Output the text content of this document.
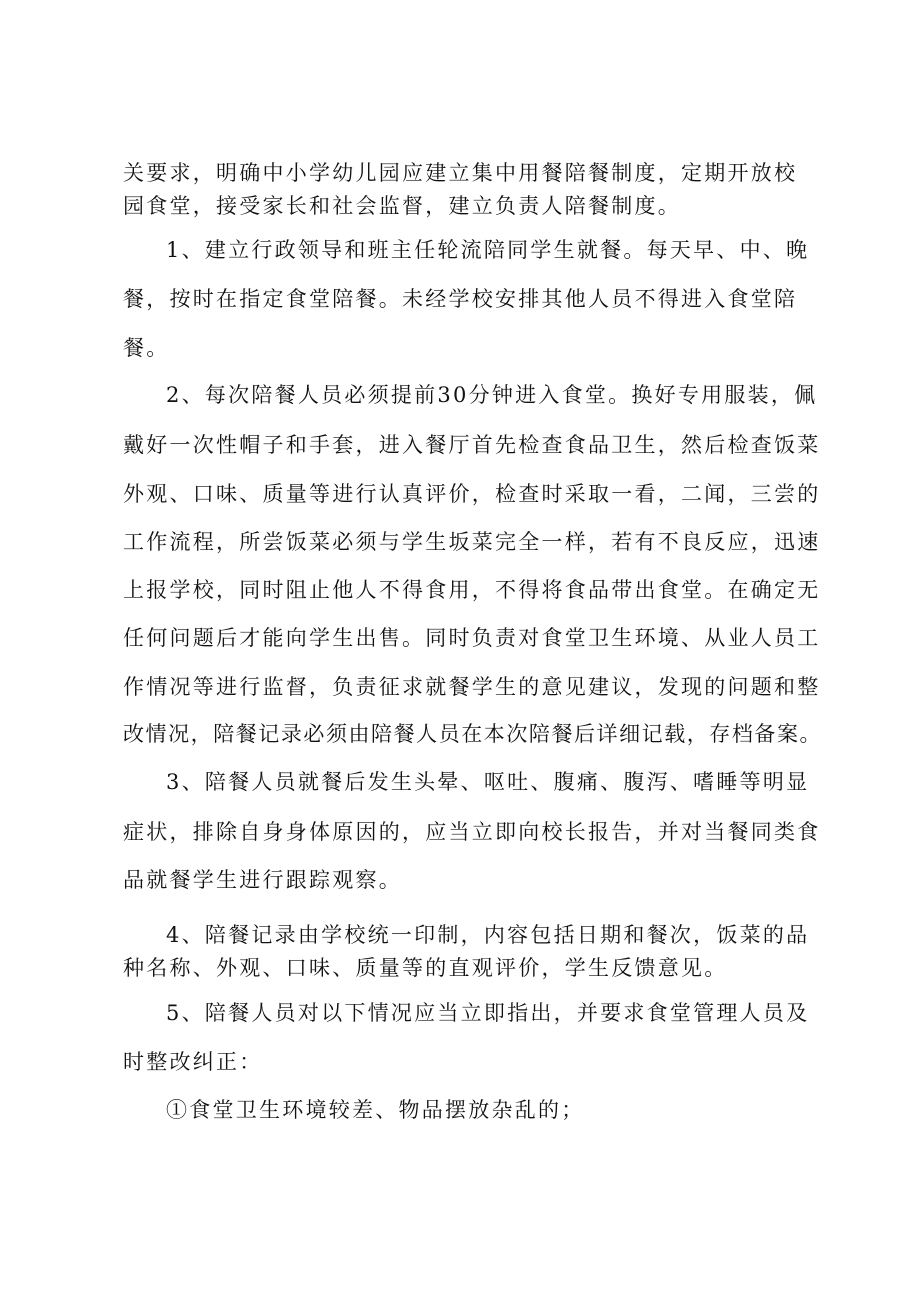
关要求，明确中小学幼儿园应建立集中用餐陪餐制度，定期开放校
园食堂，接受家长和社会监督，建立负责人陪餐制度。
1、建立行政领导和班主任轮流陪同学生就餐。每天早、中、晚
餐，按时在指定食堂陪餐。未经学校安排其他人员不得进入食堂陪
餐。
2、每次陪餐人员必须提前30分钟进入食堂。换好专用服装，佩
戴好一次性帽子和手套，进入餐厅首先检查食品卫生，然后检查饭菜
外观、口味、质量等进行认真评价，检查时采取一看，二闻，三尝的
工作流程，所尝饭菜必须与学生坂菜完全一样，若有不良反应，迅速
上报学校，同时阻止他人不得食用，不得将食品带出食堂。在确定无
任何问题后才能向学生出售。同时负责对食堂卫生环境、从业人员工
作情况等进行监督，负责征求就餐学生的意见建议，发现的问题和整
改情况，陪餐记录必须由陪餐人员在本次陪餐后详细记载，存档备案。
3、陪餐人员就餐后发生头晕、呕吐、腹痛、腹泻、嗜睡等明显
症状，排除自身身体原因的，应当立即向校长报告，并对当餐同类食
品就餐学生进行跟踪观察。
4、陪餐记录由学校统一印制，内容包括日期和餐次，饭菜的品
种名称、外观、口味、质量等的直观评价，学生反馈意见。
5、陪餐人员对以下情况应当立即指出，并要求食堂管理人员及
时整改纠正：
①食堂卫生环境较差、物品摆放杂乱的；
